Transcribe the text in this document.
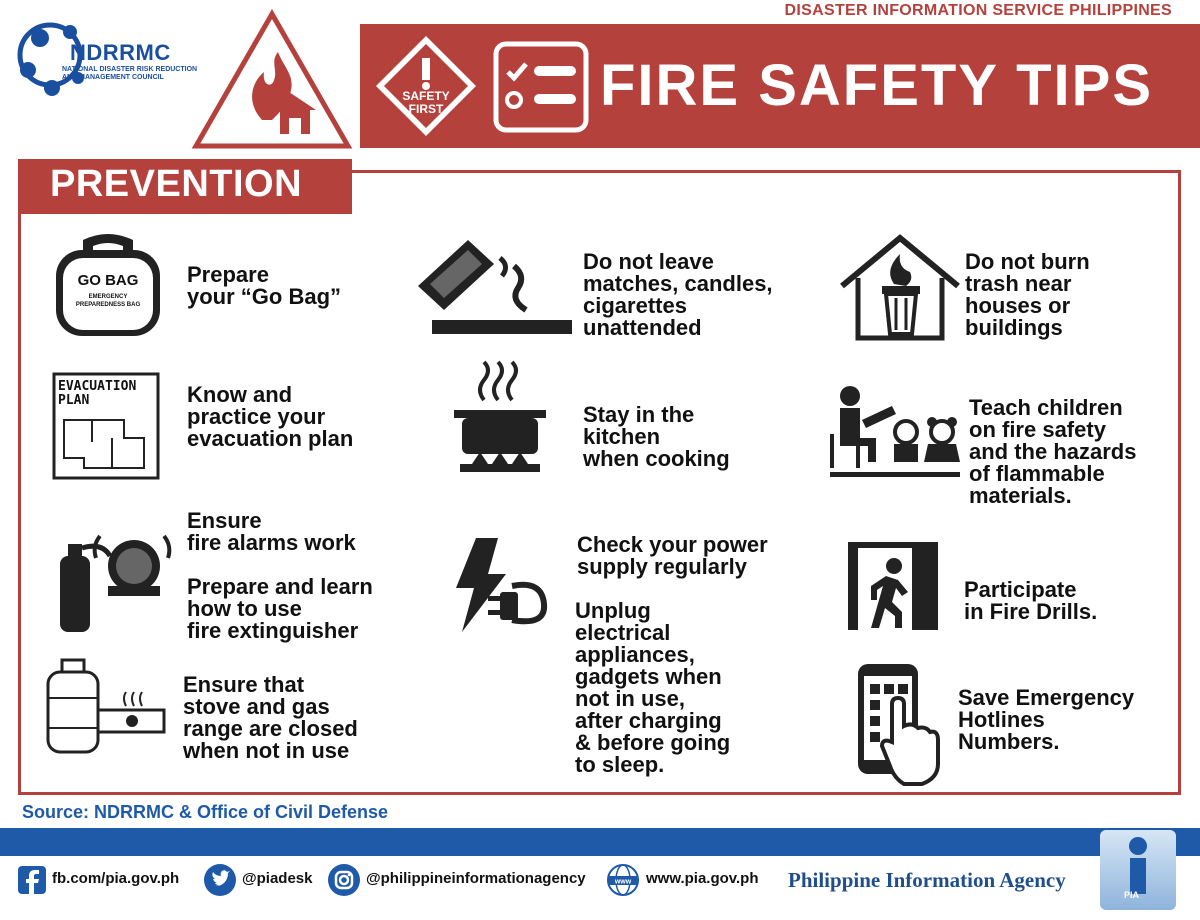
NDRRMC
NATIONAL DISASTER RISK REDUCTION AND MANAGEMENT COUNCIL
DISASTER INFORMATION SERVICE PHILIPPINES
SAFETY
FIRST	FIRE SAFETY TIPS
PREVENTION
GO BAG
EMERGENCY
PREPAREDNESS BAG
Prepare
your “Go Bag”
EVACUATION
PLAN	Know and
practice your
evacuation plan
Ensure
fire alarms work
Prepare and learn
how to use
fire extinguisher
Ensure that
stove and gas
range are closed
when not in use
Do not leave
matches, candles,
cigarettes
unattended
Stay in the
kitchen
when cooking
Check your power
supply regularly
Unplug
electrical
appliances,
gadgets when
not in use,
after charging
& before going
to sleep.
Do not burn
trash near
houses or
buildings
Teach children
on fire safety
and the hazards
of flammable
materials.
Participate
in Fire Drills.
Save Emergency
Hotlines
Numbers.
Source: NDRRMC & Office of Civil Defense
fb.com/pia.gov.ph	@piadesk	@philippineinformationagency	www www.pia.gov.ph Philippine Information Agency
PIA
